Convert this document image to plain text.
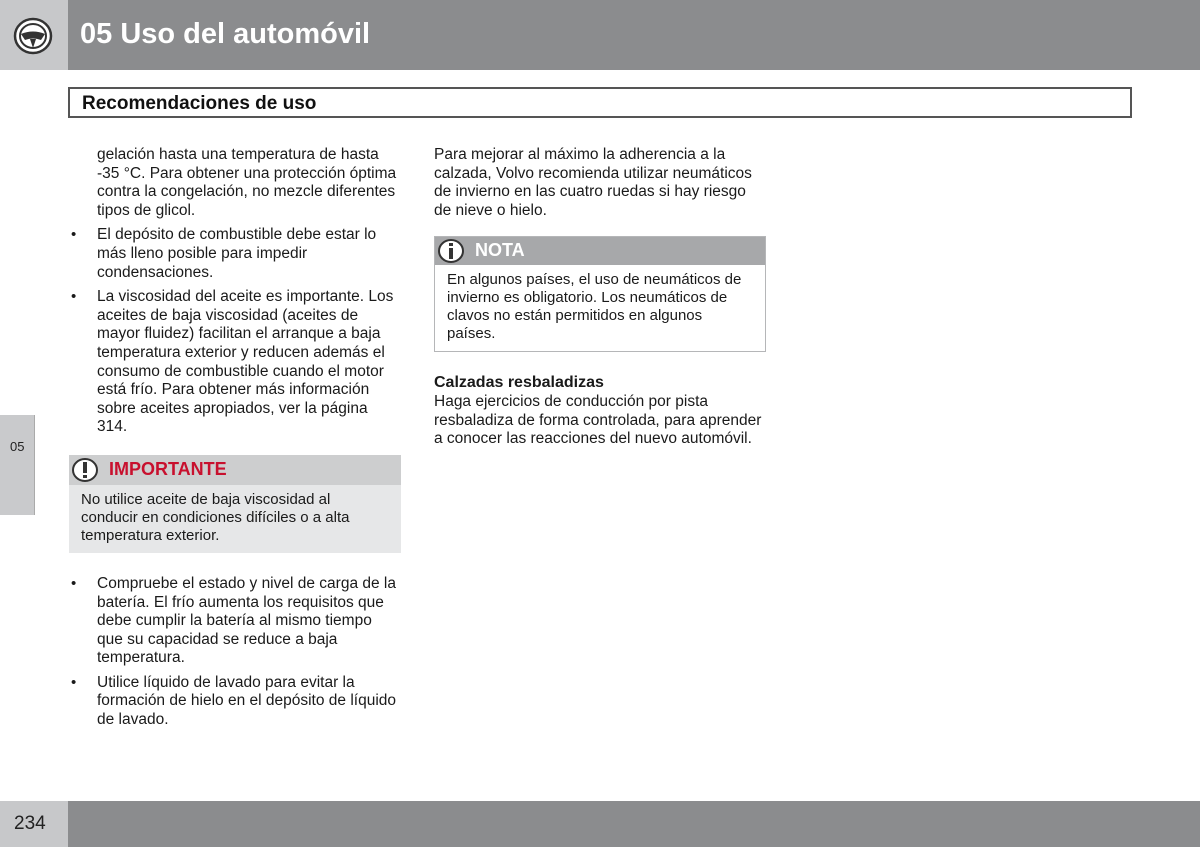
05 Uso del automóvil
Recomendaciones de uso
05

gelación hasta una temperatura de hasta -35 °C. Para obtener una protección óptima contra la congelación, no mezcle diferentes tipos de glicol.

• El depósito de combustible debe estar lo más lleno posible para impedir condensaciones.
• La viscosidad del aceite es importante. Los aceites de baja viscosidad (aceites de mayor fluidez) facilitan el arranque a baja temperatura exterior y reducen además el consumo de combustible cuando el motor está frío. Para obtener más información sobre aceites apropiados, ver la página 314.
IMPORTANTE
No utilice aceite de baja viscosidad al conducir en condiciones difíciles o a alta temperatura exterior.
• Compruebe el estado y nivel de carga de la batería. El frío aumenta los requisitos que debe cumplir la batería al mismo tiempo que su capacidad se reduce a baja temperatura.
• Utilice líquido de lavado para evitar la formación de hielo en el depósito de líquido de lavado.

Para mejorar al máximo la adherencia a la calzada, Volvo recomienda utilizar neumáticos de invierno en las cuatro ruedas si hay riesgo de nieve o hielo.

NOTA
En algunos países, el uso de neumáticos de invierno es obligatorio. Los neumáticos de clavos no están permitidos en algunos países.

Calzadas resbaladizas

Haga ejercicios de conducción por pista resbaladiza de forma controlada, para aprender a conocer las reacciones del nuevo automóvil.

234
